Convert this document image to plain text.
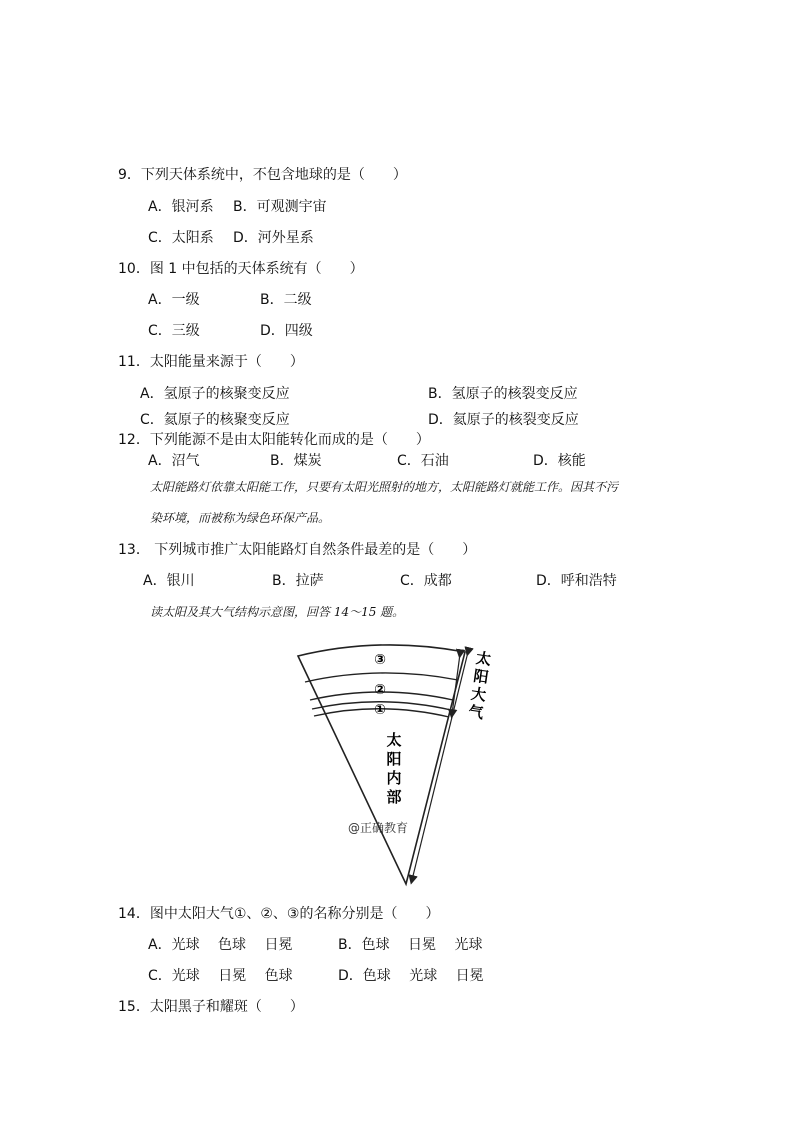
9．下列天体系统中，不包含地球的是（　　）
A．银河系 B．可观测宇宙
C．太阳系 D．河外星系
10．图 1 中包括的天体系统有（　　）
A．一级	B．二级
C．三级	D．四级
11．太阳能量来源于（　　）
A．氢原子的核聚变反应	B．氢原子的核裂变反应
C．氦原子的核聚变反应	D．氦原子的核裂变反应
12．下列能源不是由太阳能转化而成的是（　　）
A．沼气	B．煤炭	C．石油	D．核能
太阳能路灯依靠太阳能工作，只要有太阳光照射的地方，太阳能路灯就能工作。因其不污
染环境，而被称为绿色环保产品。
13． 下列城市推广太阳能路灯自然条件最差的是（　　）
A．银川	B．拉萨	C．成都	D．呼和浩特
读太阳及其大气结构示意图，回答 14～15 题。
③
②
①
太
阳
大
气
太
阳
内
部
@正确教育
14．图中太阳大气①、②、③的名称分别是（　　）
A．光球　 色球　 日冕	B．色球　 日冕　 光球
C．光球　 日冕　 色球	D．色球　 光球　 日冕
15．太阳黑子和耀斑（　　）
